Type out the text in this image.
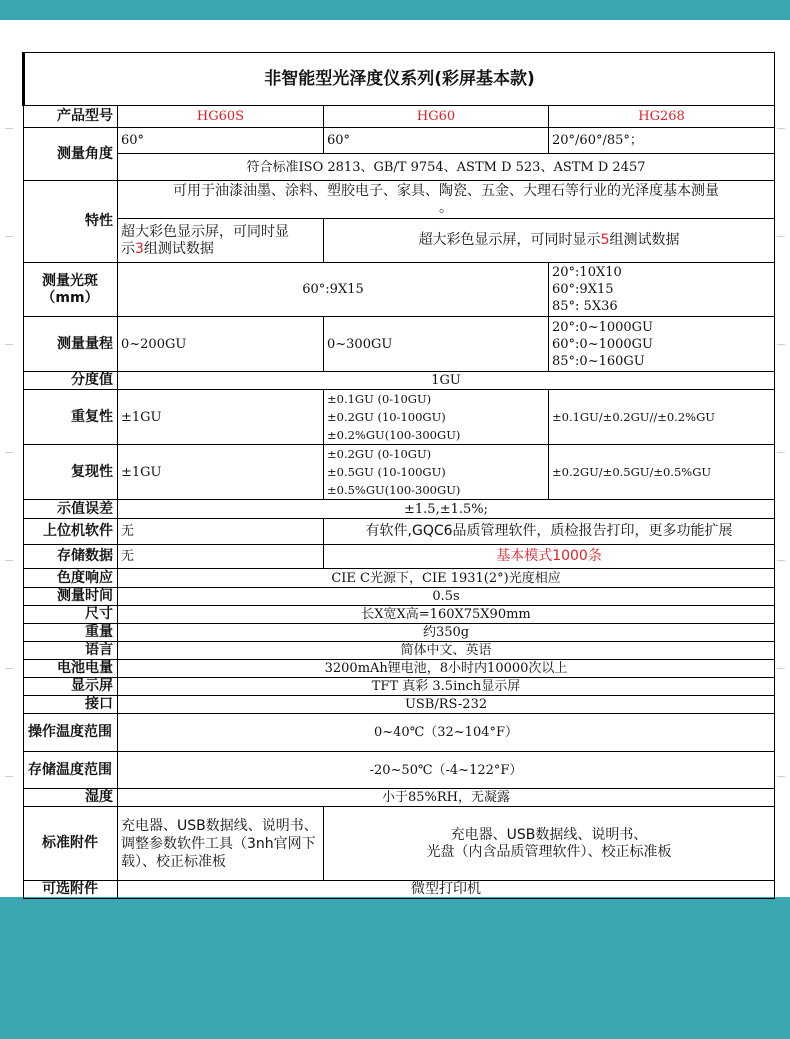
非智能型光泽度仪系列(彩屏基本款)			
产品型号	HG60S	HG60	HG268
测量角度	60°	60°	20°/60°/85°；
	符合标准ISO 2813、GB/T 9754、ASTM D 523、ASTM D 2457		
特性	可用于油漆油墨、涂料、塑胶电子、家具、陶瓷、五金、大理石等行业的光泽度基本测量
。		

	超大彩色显示屏，可同时显
示3组测试数据	超大彩色显示屏，可同时显示5组测试数据	

测量光斑
（mm）	60°:9X15		20°:10X10
60°:9X15
85°: 5X36

测量量程	0~200GU	0~300GU	20°:0~1000GU
60°:0~1000GU
85°:0~160GU

分度值	1GU		
重复性	±1GU	±0.1GU (0-10GU)
±0.2GU (10-100GU)
±0.2%GU(100-300GU)	±0.1GU/±0.2GU//±0.2%GU
复现性	±1GU	±0.2GU (0-10GU)
±0.5GU (10-100GU)
±0.5%GU(100-300GU)	±0.2GU/±0.5GU/±0.5%GU
示值误差	±1.5,±1.5%;		
上位机软件	无	有软件,GQC6品质管理软件，质检报告打印，更多功能扩展	
存储数据	无	基本模式1000条	
色度响应	CIE C光源下，CIE 1931(2°)光度相应		
测量时间	0.5s		
尺寸	长X宽X高=160X75X90mm		
重量	约350g		
语言	简体中文、英语		
电池电量	3200mAh锂电池，8小时内10000次以上		
显示屏	TFT 真彩 3.5inch显示屏		
接口	USB/RS-232		
操作温度范围	0~40℃（32~104°F）		
存储温度范围	-20~50℃（-4~122°F）		
湿度	小于85%RH，无凝露		
标准附件	充电器、USB数据线、说明书、调整参数软件工具（3nh官网下载）、校正标准板	充电器、USB数据线、说明书、
光盘（内含品质管理软件）、校正标准板	

可选附件	微型打印机		
